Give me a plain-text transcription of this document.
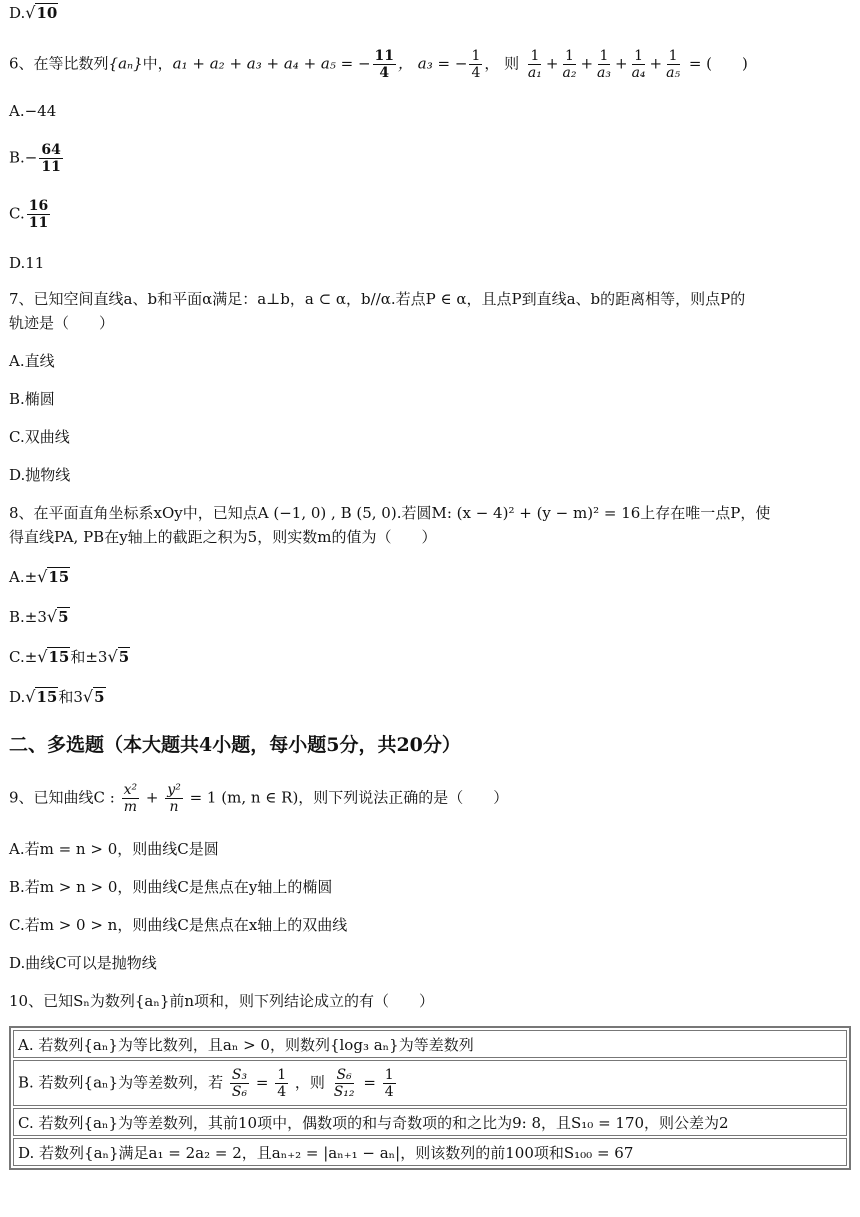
D.√10
6、在等比数列{aₙ}中，a₁ + a₂ + a₃ + a₄ + a₅ = − $\frac{11}{4}$ ， a₃ = − $\frac{1}{4}$ ， 则 $\frac{1}{\text{a₁}} + \frac{1}{\text{a₂}} + \frac{1}{\text{a₃}} + \frac{1}{\text{a₄}} + \frac{1}{\text{a₅}}$ = (　　)
A.−44
$B.- \frac{64}{11}$
C. $\frac{16}{11}$
D.11
7、已知空间直线a、b和平面α满足：a⊥b，a ⊂ α，b//α.若点P ∈ α，且点P到直线a、b的距离相等，则点P的
轨迹是（　　）
A.直线
B.椭圆
C.双曲线
D.抛物线
8、在平面直角坐标系xOy中，已知点A (−1, 0) , B (5, 0).若圆M: (x − 4)² + (y − m)² = 16上存在唯一点P，使
得直线PA, PB在y轴上的截距之积为5，则实数m的值为（　　）
A.±√15
B.±3√5
C.±√15和±3√5
D.√15和3√5
二、多选题（本大题共4小题，每小题5分，共20分）
9、已知曲线C : $\frac{\text{x²}}{m} + \frac{\text{y²}}{n} = 1$ (m, n ∈ R)，则下列说法正确的是（　　）
A.若m = n > 0，则曲线C是圆
B.若m > n > 0，则曲线C是焦点在y轴上的椭圆
C.若m > 0 > n，则曲线C是焦点在x轴上的双曲线
D.曲线C可以是抛物线
10、已知Sₙ为数列{aₙ}前n项和，则下列结论成立的有（　　）
A. 若数列{aₙ}为等比数列，且aₙ > 0，则数列{log₃ aₙ}为等差数列
B. 若数列{aₙ}为等差数列，若 $\frac{\text{S₃}}{\text{S₆}} = \frac{1}{4}$ ，则 $\frac{\text{S₆}}{\text{S₁₂}} = \frac{1}{4}$

C. 若数列{aₙ}为等差数列，其前10项中，偶数项的和与奇数项的和之比为9: 8，且S₁₀ = 170，则公差为2
D. 若数列{aₙ}满足a₁ = 2a₂ = 2，且aₙ₊₂ = |aₙ₊₁ − aₙ|，则该数列的前100项和S₁₀₀ = 67
